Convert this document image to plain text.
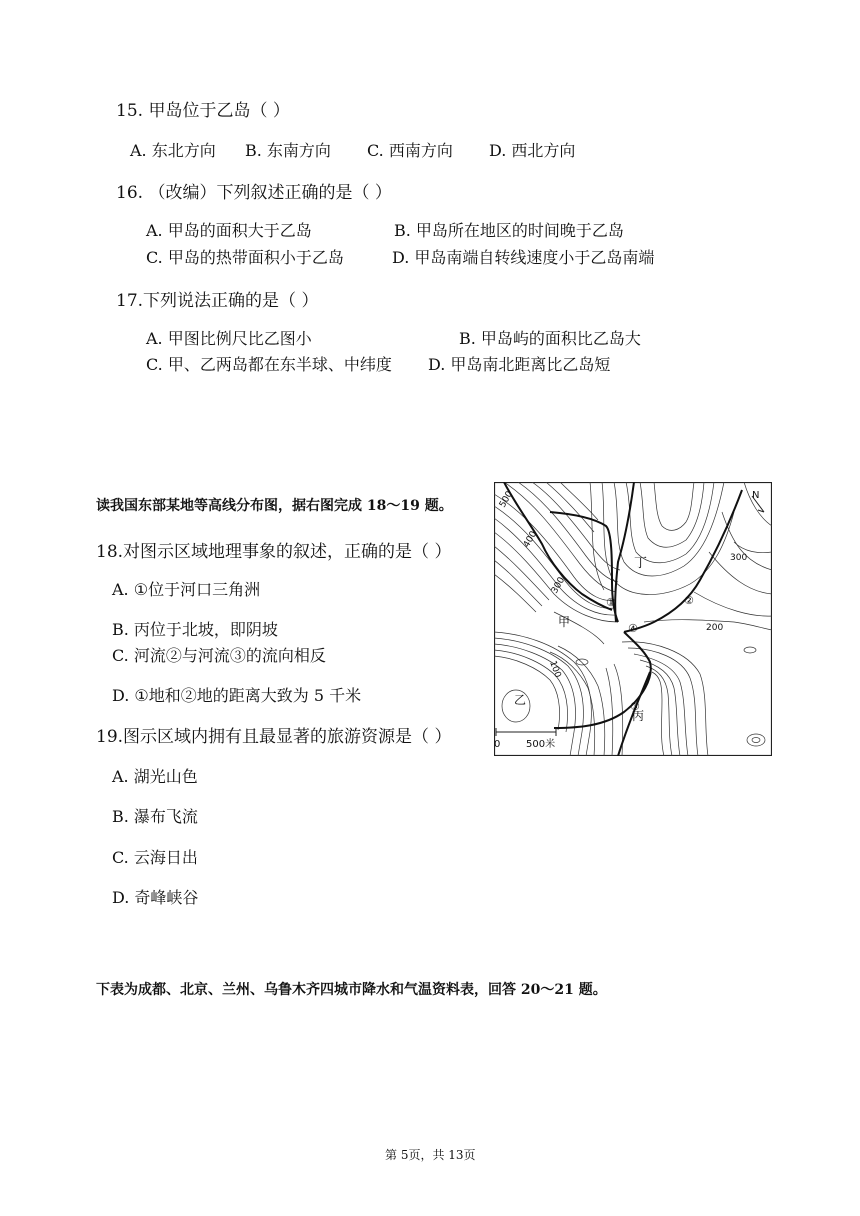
15. 甲岛位于乙岛（ ）
A. 东北方向 B. 东南方向 C. 西南方向 D. 西北方向
16. （改编）下列叙述正确的是（ ）
A. 甲岛的面积大于乙岛	B. 甲岛所在地区的时间晚于乙岛
C. 甲岛的热带面积小于乙岛	D. 甲岛南端自转线速度小于乙岛南端
17.下列说法正确的是（ ）
A. 甲图比例尺比乙图小	B. 甲岛屿的面积比乙岛大
C. 甲、乙两岛都在东半球、中纬度 D. 甲岛南北距离比乙岛短
读我国东部某地等高线分布图，据右图完成 18～19 题。
18.对图示区域地理事象的叙述，正确的是（ ）
A. ①位于河口三角洲
B. 丙位于北坡，即阴坡
C. 河流②与河流③的流向相反
D. ①地和②地的距离大致为 5 千米
19.图示区域内拥有且最显著的旅游资源是（ ）
A. 湖光山色
B. 瀑布飞流
C. 云海日出
D. 奇峰峡谷
丁
甲
乙
丙
①	②
③
④
500
400
300
300
200
100
N
0	500米
下表为成都、北京、兰州、乌鲁木齐四城市降水和气温资料表，回答 20～21 题。
第 5页，共 13页
